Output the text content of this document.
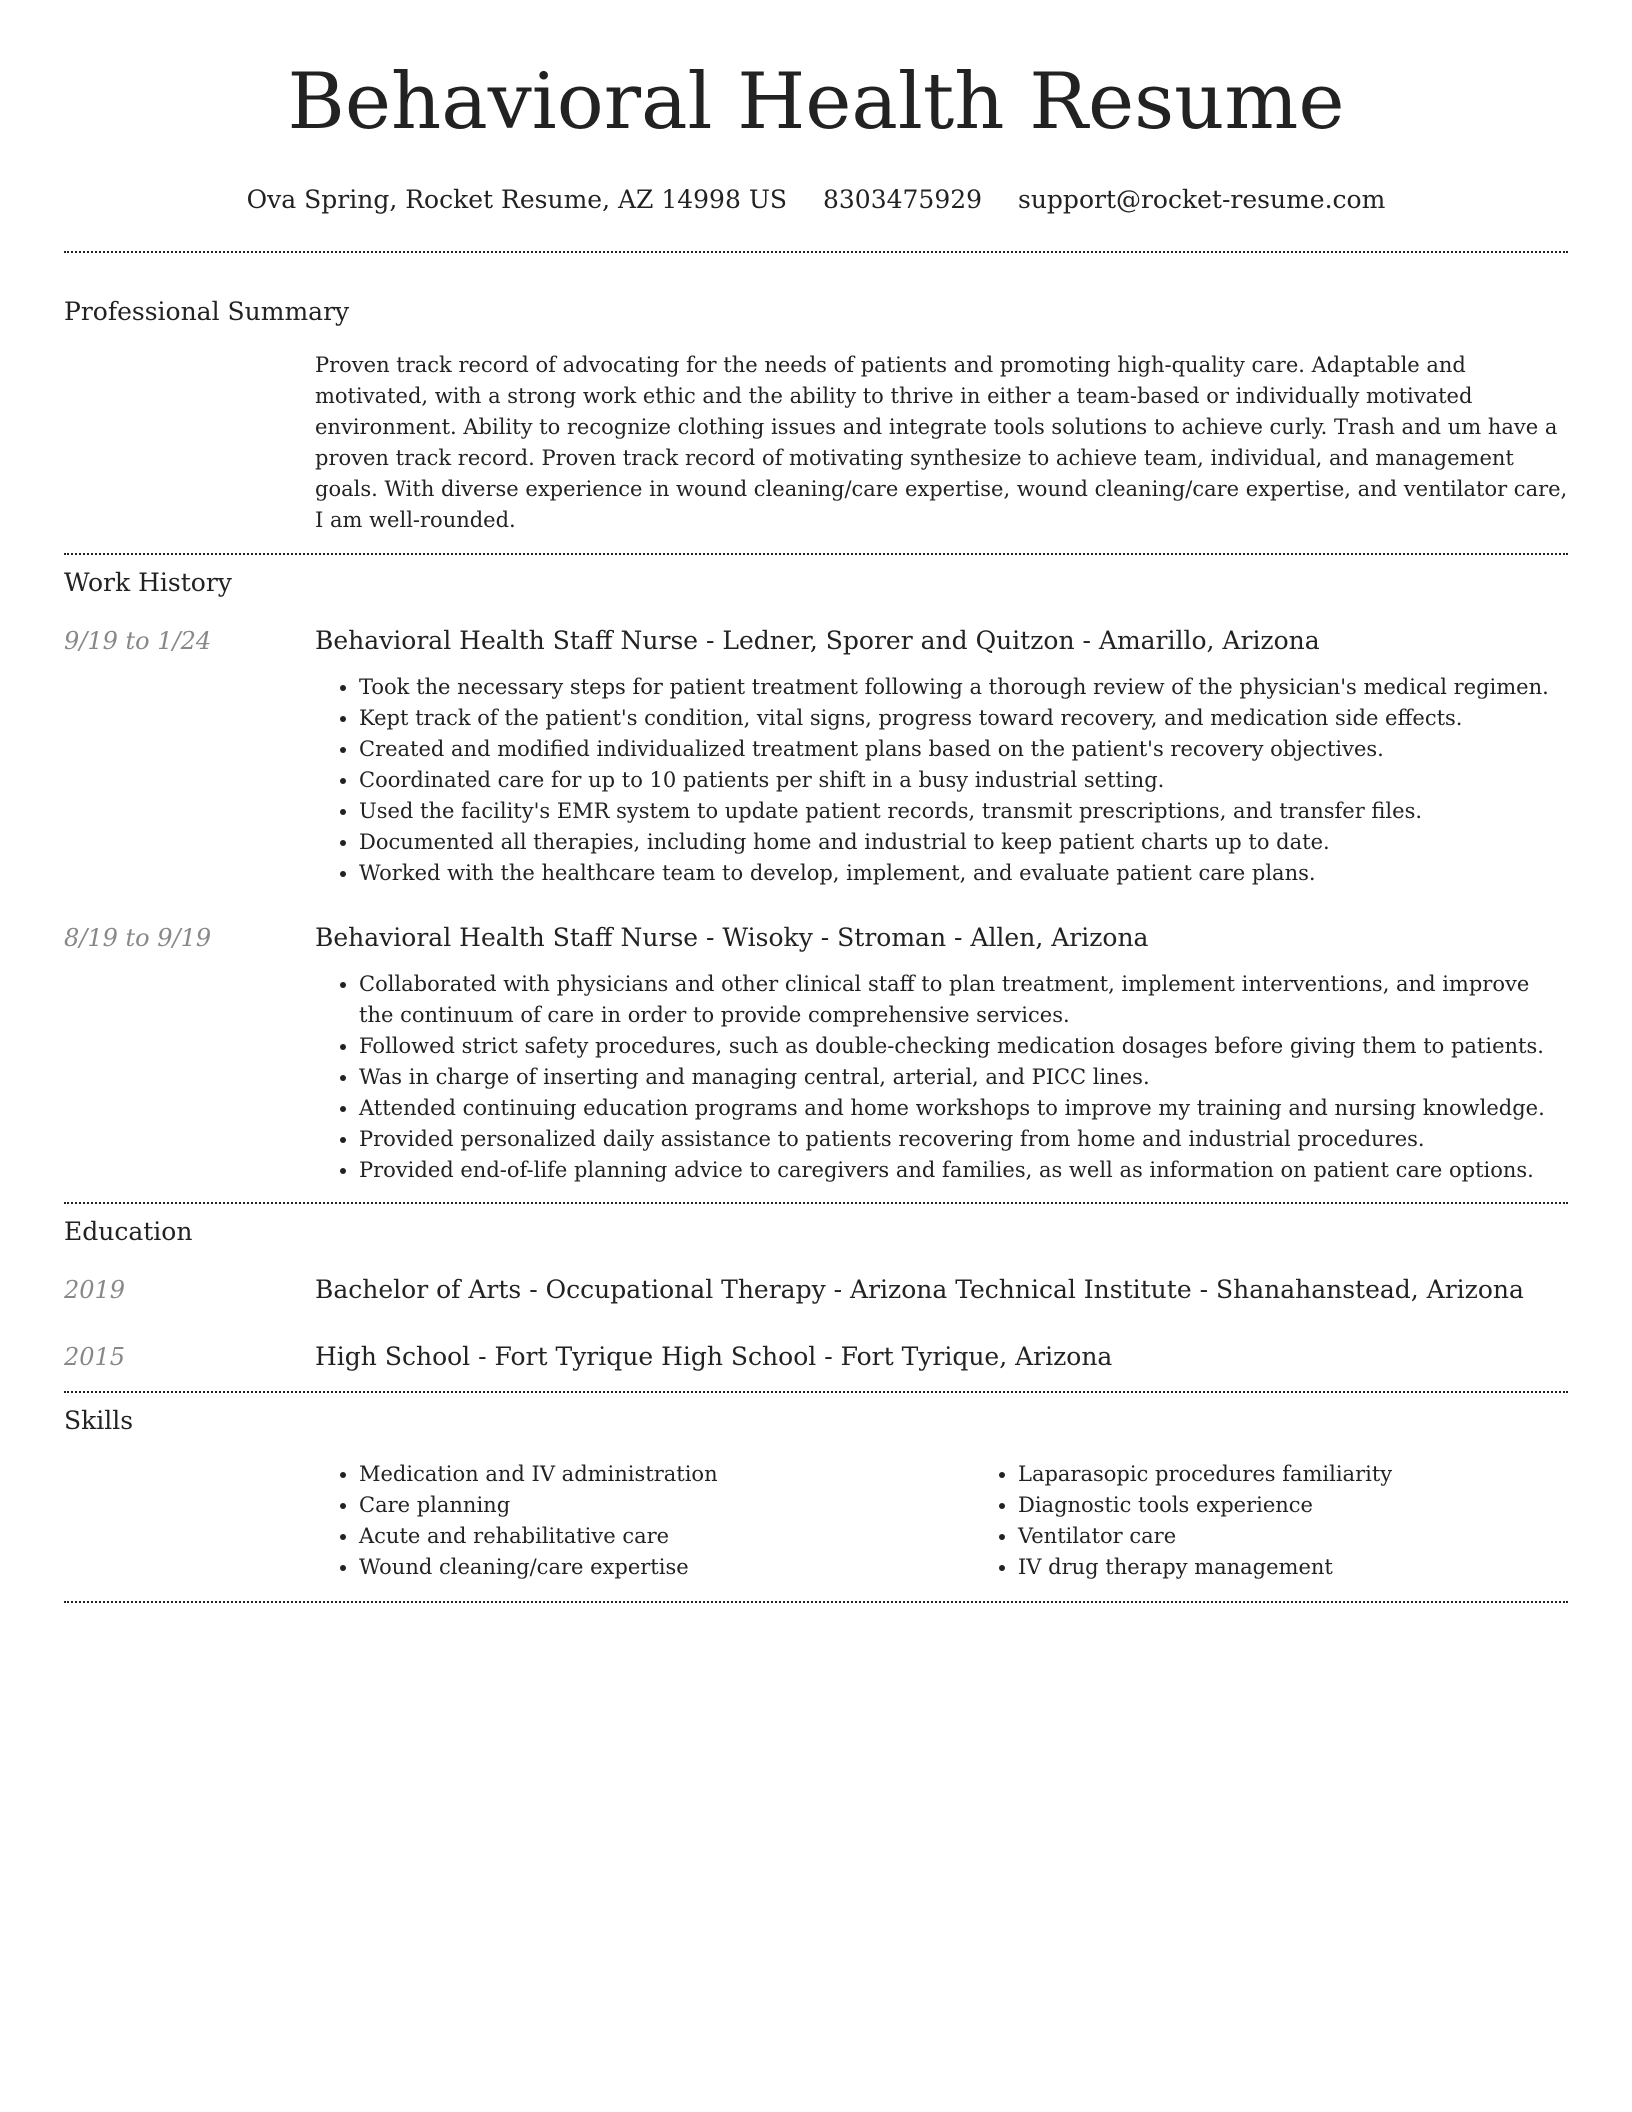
Behavioral Health Resume
Ova Spring, Rocket Resume, AZ 14998 US 8303475929 support@rocket-resume.com
Professional Summary

Proven track record of advocating for the needs of patients and promoting high-quality care. Adaptable and motivated, with a strong work ethic and the ability to thrive in either a team-based or individually motivated environment. Ability to recognize clothing issues and integrate tools solutions to achieve curly. Trash and um have a proven track record. Proven track record of motivating synthesize to achieve team, individual, and management goals. With diverse experience in wound cleaning/care expertise, wound cleaning/care expertise, and ventilator care, I am well-rounded.

Work History
9/19 to 1/24	Behavioral Health Staff Nurse - Ledner, Sporer and Quitzon - Amarillo, Arizona
• Took the necessary steps for patient treatment following a thorough review of the physician's medical regimen.
• Kept track of the patient's condition, vital signs, progress toward recovery, and medication side effects.
• Created and modified individualized treatment plans based on the patient's recovery objectives.
• Coordinated care for up to 10 patients per shift in a busy industrial setting.
• Used the facility's EMR system to update patient records, transmit prescriptions, and transfer files.
• Documented all therapies, including home and industrial to keep patient charts up to date.
• Worked with the healthcare team to develop, implement, and evaluate patient care plans.
8/19 to 9/19	Behavioral Health Staff Nurse - Wisoky - Stroman - Allen, Arizona
• Collaborated with physicians and other clinical staff to plan treatment, implement interventions, and improve the continuum of care in order to provide comprehensive services.
• Followed strict safety procedures, such as double-checking medication dosages before giving them to patients.
• Was in charge of inserting and managing central, arterial, and PICC lines.
• Attended continuing education programs and home workshops to improve my training and nursing knowledge.
• Provided personalized daily assistance to patients recovering from home and industrial procedures.
• Provided end-of-life planning advice to caregivers and families, as well as information on patient care options.
Education
2019	Bachelor of Arts - Occupational Therapy - Arizona Technical Institute - Shanahanstead, Arizona
2015	High School - Fort Tyrique High School - Fort Tyrique, Arizona
Skills
• Medication and IV administration
• Care planning
• Acute and rehabilitative care
• Wound cleaning/care expertise
• Laparasopic procedures familiarity
• Diagnostic tools experience
• Ventilator care
• IV drug therapy management
